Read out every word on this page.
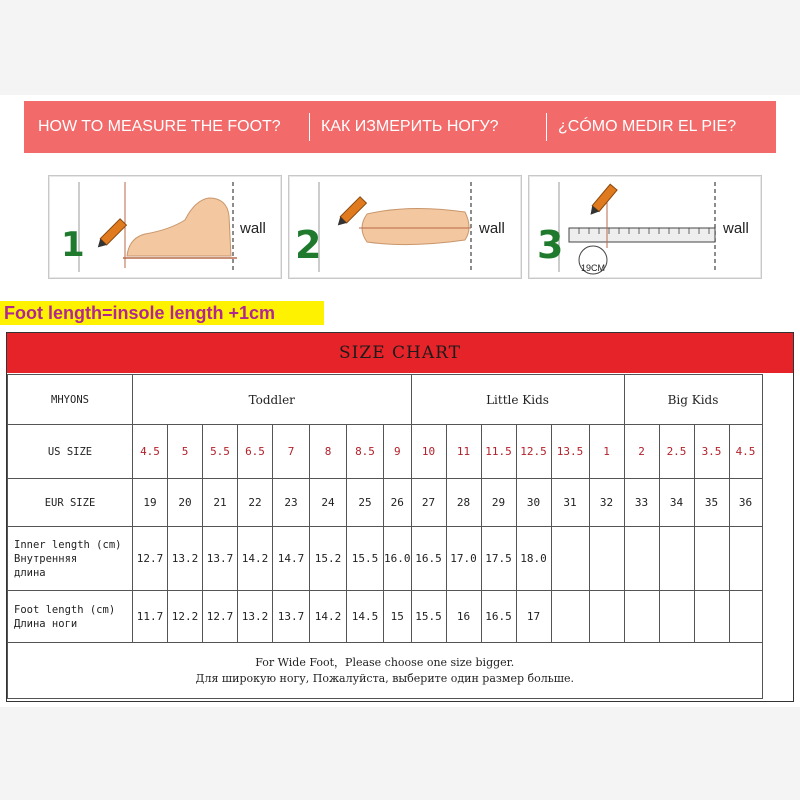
HOW TO MEASURE THE FOOT?	КАК ИЗМЕРИТЬ НОГУ?	¿CÓMO MEDIR EL PIE?
1	wall 2	wall 3
19CM
wall
Foot length=insole length +1cm
SIZE CHART
MHYONS	Toddler								Little Kids						Big Kids			
US SIZE	4.5	5	5.5	6.5	7	8	8.5	9	10	11	11.5	12.5	13.5	1	2	2.5	3.5	4.5
EUR SIZE	19	20	21	22	23	24	25	26	27	28	29	30	31	32	33	34	35	36

Inner length (cm)
Внутренняя
длина	12.7	13.2	13.7	14.2	14.7	15.2	15.5	16.0	16.5	17.0	17.5	18.0						

Foot length (cm)
Длина ноги	11.7	12.2	12.7	13.2	13.7	14.2	14.5	15	15.5	16	16.5	17						

For Wide Foot，Please choose one size bigger.
Для широкую ногу, Пожалуйста, выберите один размер больше.																		
